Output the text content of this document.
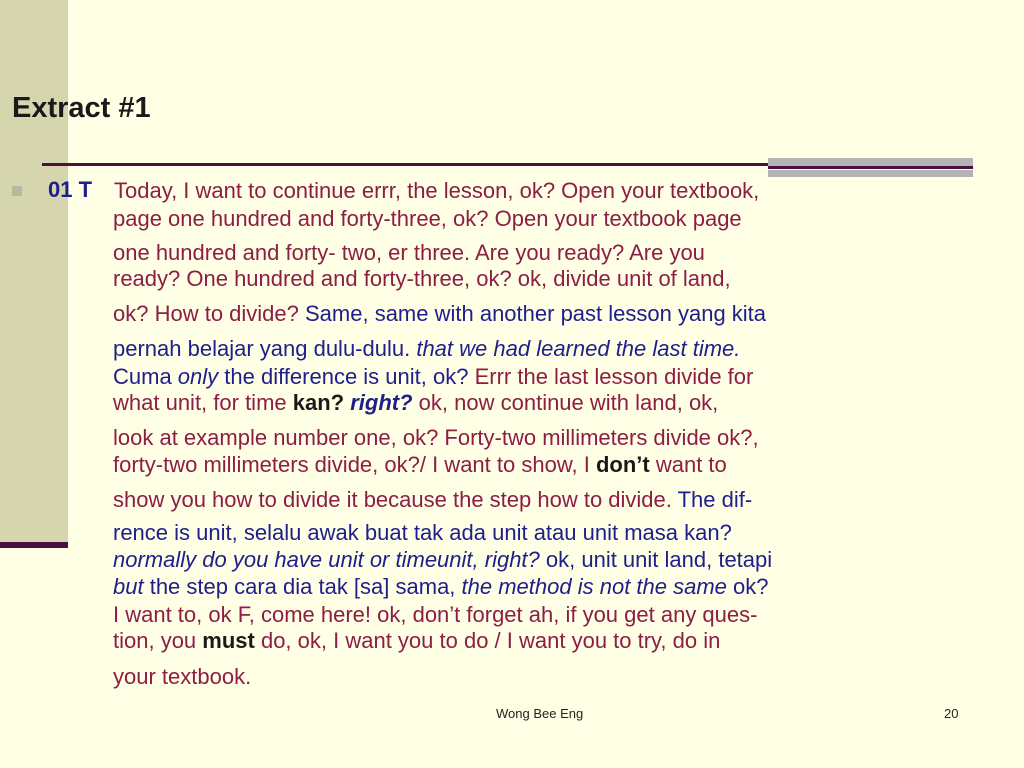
Extract #1
01 T Today, I want to continue errr, the lesson, ok? Open your textbook,
page one hundred and forty-three, ok? Open your textbook page
one hundred and forty- two, er three. Are you ready? Are you
ready? One hundred and forty-three, ok? ok, divide unit of land,
ok? How to divide? Same, same with another past lesson yang kita
pernah belajar yang dulu-dulu. that we had learned the last time.
Cuma only the difference is unit, ok? Errr the last lesson divide for
what unit, for time kan? right? ok, now continue with land, ok,
look at example number one, ok? Forty-two millimeters divide ok?,
forty-two millimeters divide, ok?/ I want to show, I don’t want to
show you how to divide it because the step how to divide. The dif-
rence is unit, selalu awak buat tak ada unit atau unit masa kan?
normally do you have unit or timeunit, right? ok, unit unit land, tetapi
but the step cara dia tak [sa] sama, the method is not the same ok?
I want to, ok F, come here! ok, don’t forget ah, if you get any ques-
tion, you must do, ok, I want you to do / I want you to try, do in
your textbook.
Wong Bee Eng	20
